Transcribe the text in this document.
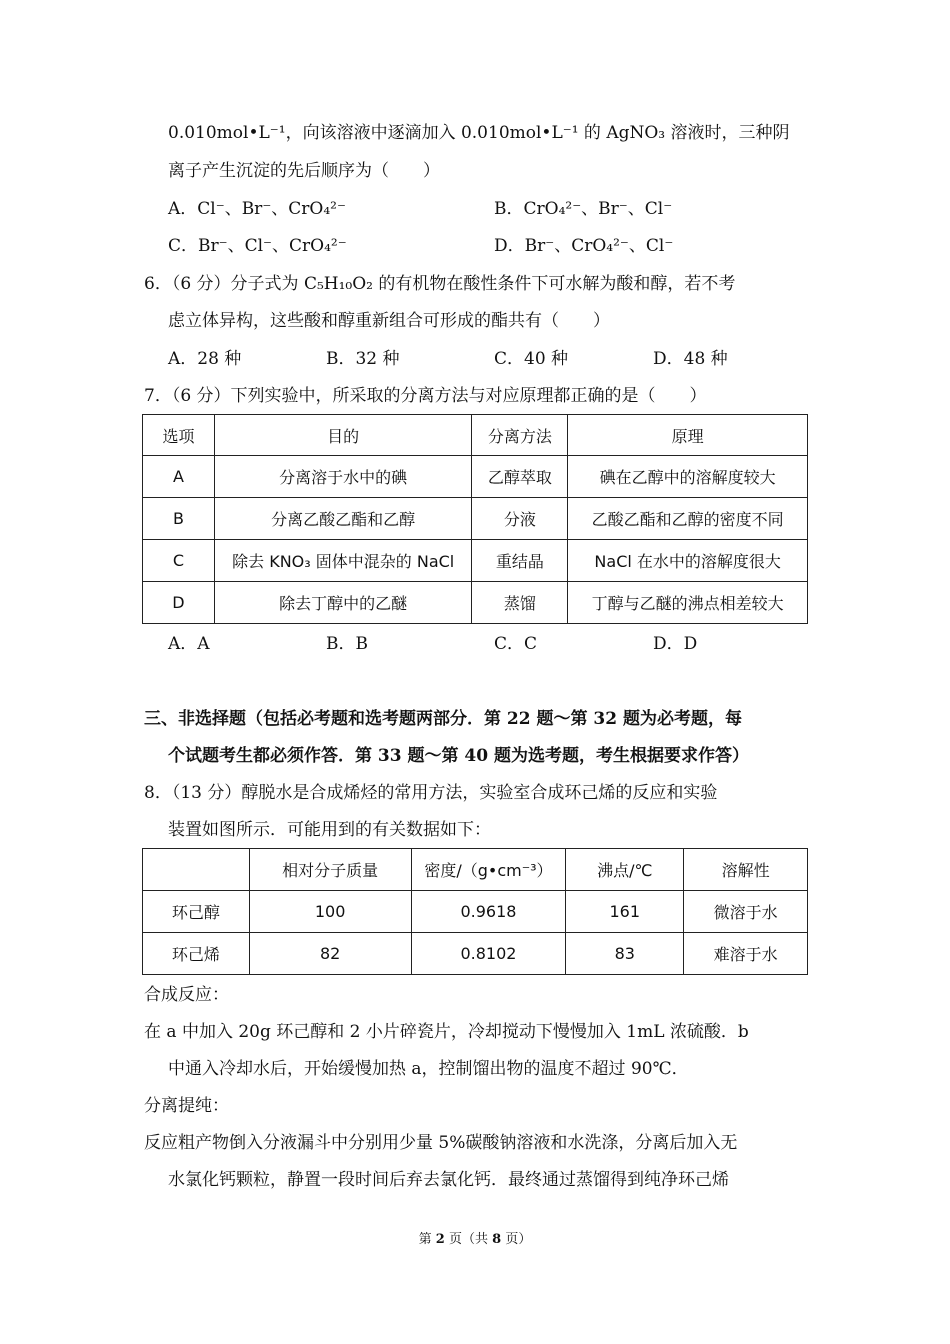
0.010mol•L⁻¹，向该溶液中逐滴加入 0.010mol•L⁻¹ 的 AgNO₃ 溶液时，三种阴
离子产生沉淀的先后顺序为（　　）
A．Cl⁻、Br⁻、CrO₄²⁻	B．CrO₄²⁻、Br⁻、Cl⁻
C．Br⁻、Cl⁻、CrO₄²⁻	D．Br⁻、CrO₄²⁻、Cl⁻
6．（6 分）分子式为 C₅H₁₀O₂ 的有机物在酸性条件下可水解为酸和醇，若不考
虑立体异构，这些酸和醇重新组合可形成的酯共有（　　）
A．28 种	B．32 种	C．40 种	D．48 种
7．（6 分）下列实验中，所采取的分离方法与对应原理都正确的是（　　）
选项	目的	分离方法	原理
A	分离溶于水中的碘	乙醇萃取	碘在乙醇中的溶解度较大
B	分离乙酸乙酯和乙醇	分液	乙酸乙酯和乙醇的密度不同
C	除去 KNO₃ 固体中混杂的 NaCl	重结晶	NaCl 在水中的溶解度很大
D	除去丁醇中的乙醚	蒸馏	丁醇与乙醚的沸点相差较大
A．A	B．B	C．C	D．D
三、非选择题（包括必考题和选考题两部分．第 22 题～第 32 题为必考题，每
个试题考生都必须作答．第 33 题～第 40 题为选考题，考生根据要求作答）
8．（13 分）醇脱水是合成烯烃的常用方法，实验室合成环己烯的反应和实验
装置如图所示．可能用到的有关数据如下：
	相对分子质量	密度/（g•cm⁻³）	沸点/℃	溶解性
环己醇	100	0.9618	161	微溶于水
环己烯	82	0.8102	83	难溶于水
合成反应：
在 a 中加入 20g 环己醇和 2 小片碎瓷片，冷却搅动下慢慢加入 1mL 浓硫酸．b
中通入冷却水后，开始缓慢加热 a，控制馏出物的温度不超过 90℃．
分离提纯：
反应粗产物倒入分液漏斗中分别用少量 5%碳酸钠溶液和水洗涤，分离后加入无
水氯化钙颗粒，静置一段时间后弃去氯化钙．最终通过蒸馏得到纯净环己烯
第 2 页（共 8 页）
